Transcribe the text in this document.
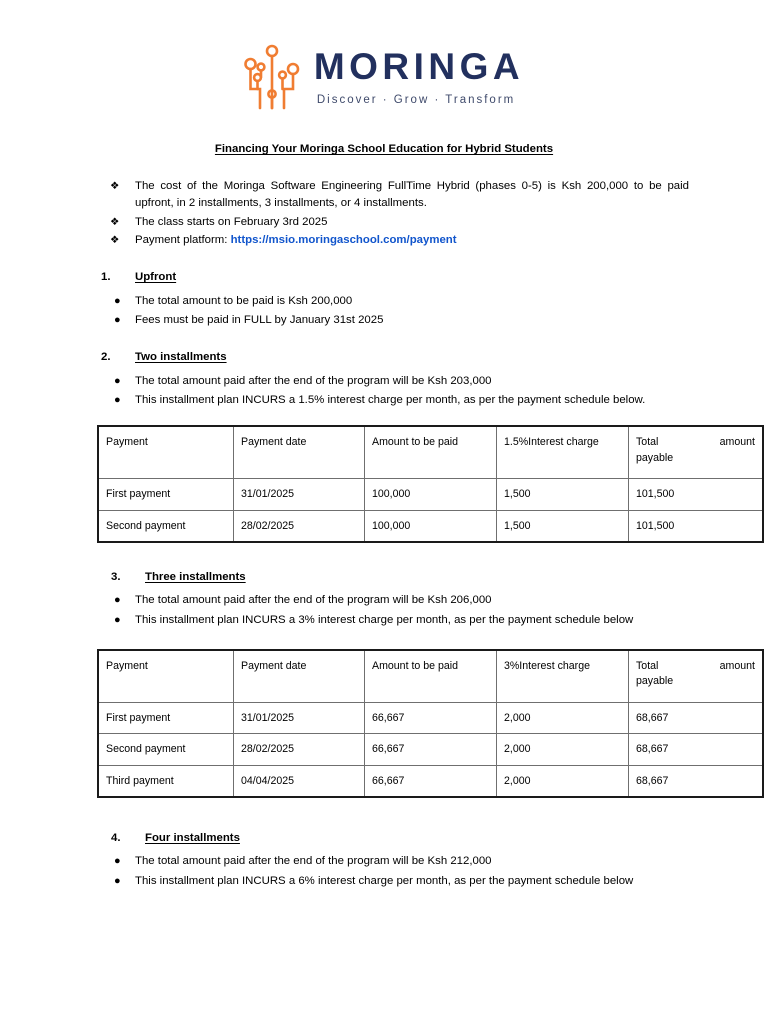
MORINGA
Discover · Grow · Transform
Financing Your Moringa School Education for Hybrid Students
❖ The cost of the Moringa Software Engineering FullTime Hybrid (phases 0-5) is Ksh 200,000 to be paid upfront, in 2 installments, 3 installments, or 4 installments.
❖ The class starts on February 3rd 2025
❖ Payment platform: https://msio.moringaschool.com/payment
1. Upfront
● The total amount to be paid is Ksh 200,000
● Fees must be paid in FULL by January 31st 2025
2. Two installments
● The total amount paid after the end of the program will be Ksh 203,000
● This installment plan INCURS a 1.5% interest charge per month, as per the payment schedule below.
Payment	Payment date	Amount to be paid	1.5%Interest charge	Total amount
payable
First payment	31/01/2025	100,000	1,500	101,500
Second payment	28/02/2025	100,000	1,500	101,500
3. Three installments
● The total amount paid after the end of the program will be Ksh 206,000
● This installment plan INCURS a 3% interest charge per month, as per the payment schedule below
Payment	Payment date	Amount to be paid	3%Interest charge	Total amount
payable
First payment	31/01/2025	66,667	2,000	68,667
Second payment	28/02/2025	66,667	2,000	68,667
Third payment	04/04/2025	66,667	2,000	68,667
4. Four installments
● The total amount paid after the end of the program will be Ksh 212,000
● This installment plan INCURS a 6% interest charge per month, as per the payment schedule below
